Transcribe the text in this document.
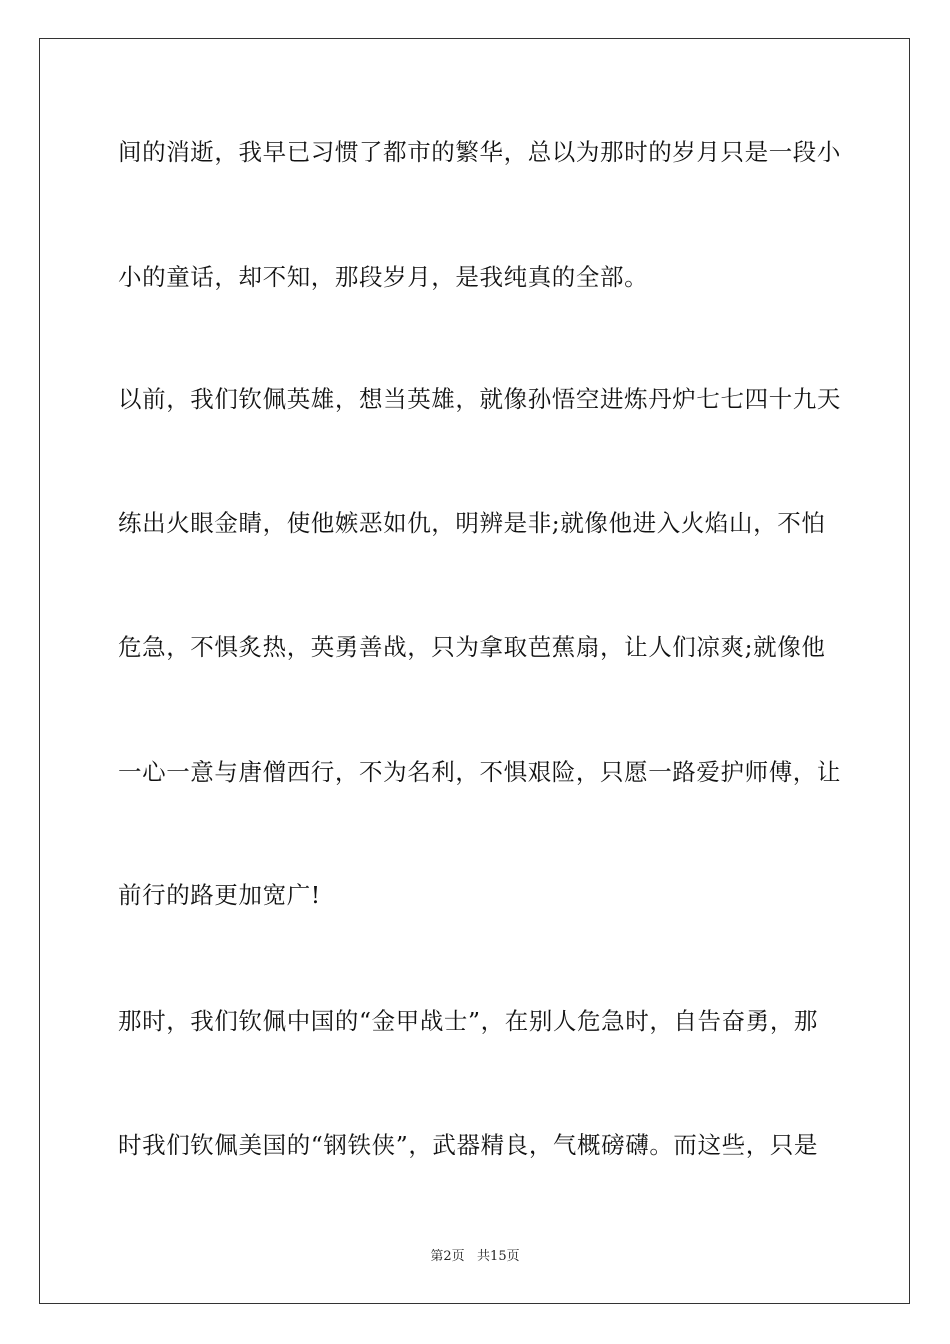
间的消逝，我早已习惯了都市的繁华，总以为那时的岁月只是一段小
小的童话，却不知，那段岁月，是我纯真的全部。
以前，我们钦佩英雄，想当英雄，就像孙悟空进炼丹炉七七四十九天
练出火眼金睛，使他嫉恶如仇，明辨是非;就像他进入火焰山，不怕
危急，不惧炙热，英勇善战，只为拿取芭蕉扇，让人们凉爽;就像他
一心一意与唐僧西行，不为名利，不惧艰险，只愿一路爱护师傅，让
前行的路更加宽广!
那时，我们钦佩中国的“金甲战士”，在别人危急时，自告奋勇，那
时我们钦佩美国的“钢铁侠”，武器精良，气概磅礴。而这些，只是
第2页   共15页
